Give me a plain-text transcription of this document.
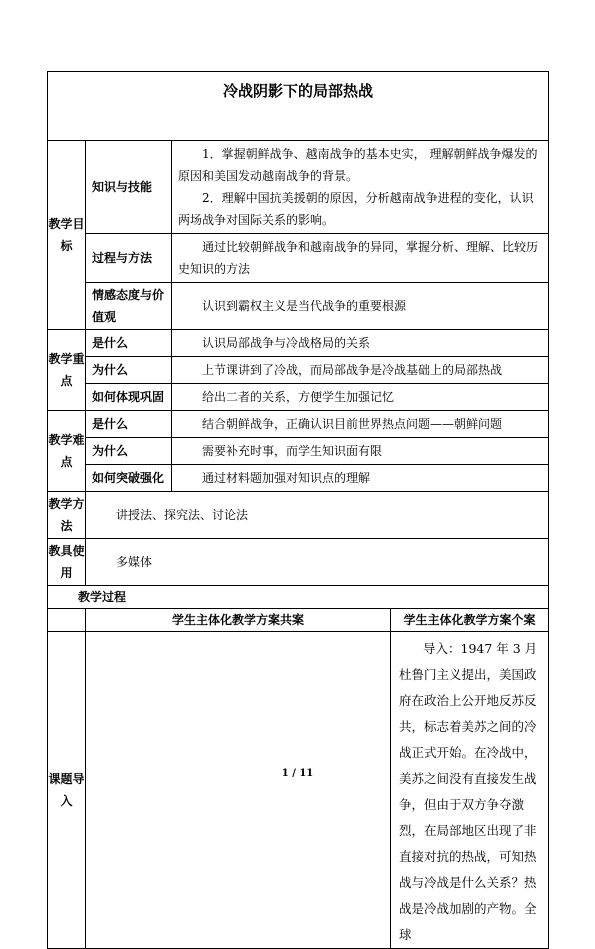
冷战阴影下的局部热战			
教学目标	知识与技能	1．掌握朝鲜战争、越南战争的基本史实， 理解朝鲜战争爆发的原因和美国发动越南战争的背景。

2．理解中国抗美援朝的原因，分析越南战争进程的变化，认识两场战争对国际关系的影响。	

	过程与方法	通过比较朝鲜战争和越南战争的异同，掌握分析、理解、比较历史知识的方法	

	情感态度与价值观	认识到霸权主义是当代战争的重要根源	
教学重点	是什么	认识局部战争与冷战格局的关系	
	为什么	上节课讲到了冷战，而局部战争是冷战基础上的局部热战	
	如何体现巩固	给出二者的关系，方便学生加强记忆	
教学难点	是什么	结合朝鲜战争，正确认识目前世界热点问题——朝鲜问题	
	为什么	需要补充时事，而学生知识面有限	
	如何突破强化	通过材料题加强对知识点的理解	
教学方法	讲授法、探究法、讨论法		
教具使用	多媒体		
教学过程			
	学生主体化教学方案共案		学生主体化教学方案个案
课题导入			导入：1947 年 3 月杜鲁门主义提出，美国政府在政治上公开地反苏反共，标志着美苏之间的冷战正式开始。在冷战中，美苏之间没有直接发生战争，但由于双方争夺激烈，在局部地区出现了非直接对抗的热战，可知热战与冷战是什么关系？热战是冷战加剧的产物。全球
1 / 11
